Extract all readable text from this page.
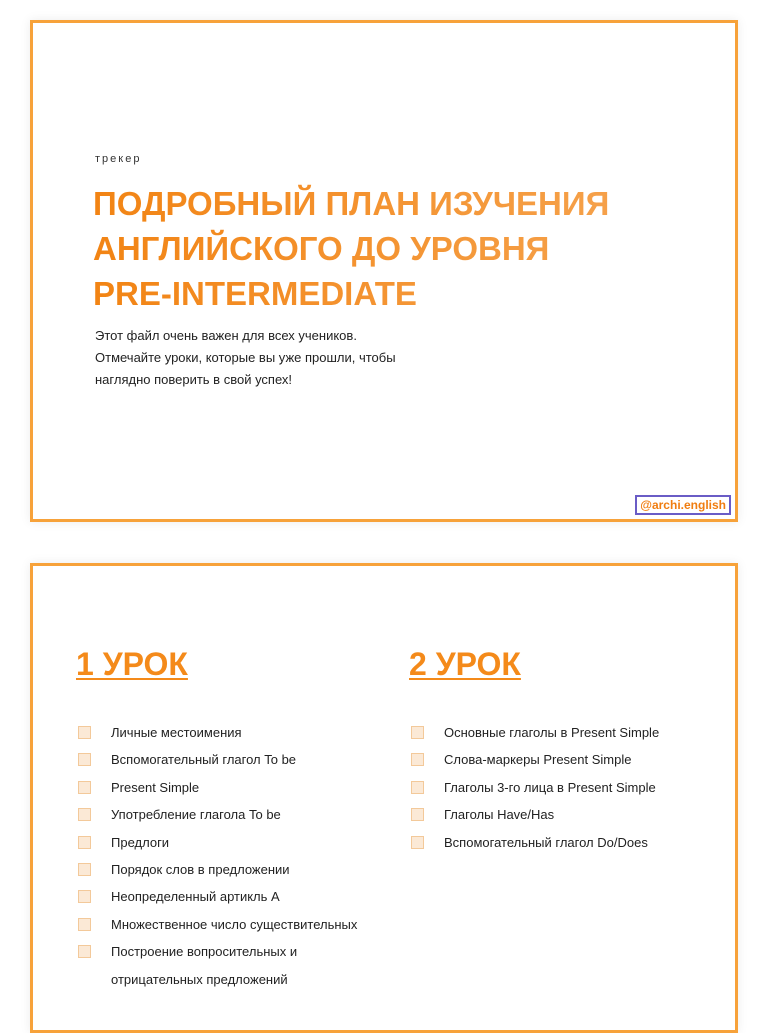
трекер
ПОДРОБНЫЙ ПЛАН ИЗУЧЕНИЯ
АНГЛИЙСКОГО ДО УРОВНЯ
PRE-INTERMEDIATE
Этот файл очень важен для всех учеников.
Отмечайте уроки, которые вы уже прошли, чтобы
наглядно поверить в свой успех!
@archi.english
1 УРОК
Личные местоимения
Вспомогательный глагол To be
Present Simple
Употребление глагола To be
Предлоги
Порядок слов в предложении
Неопределенный артикль А
Множественное число существительных
Построение вопросительных и
отрицательных предложений
2 УРОК
Основные глаголы в Present Simple
Слова-маркеры Present Simple
Глаголы 3-го лица в Present Simple
Глаголы Have/Has
Вспомогательный глагол Do/Does
